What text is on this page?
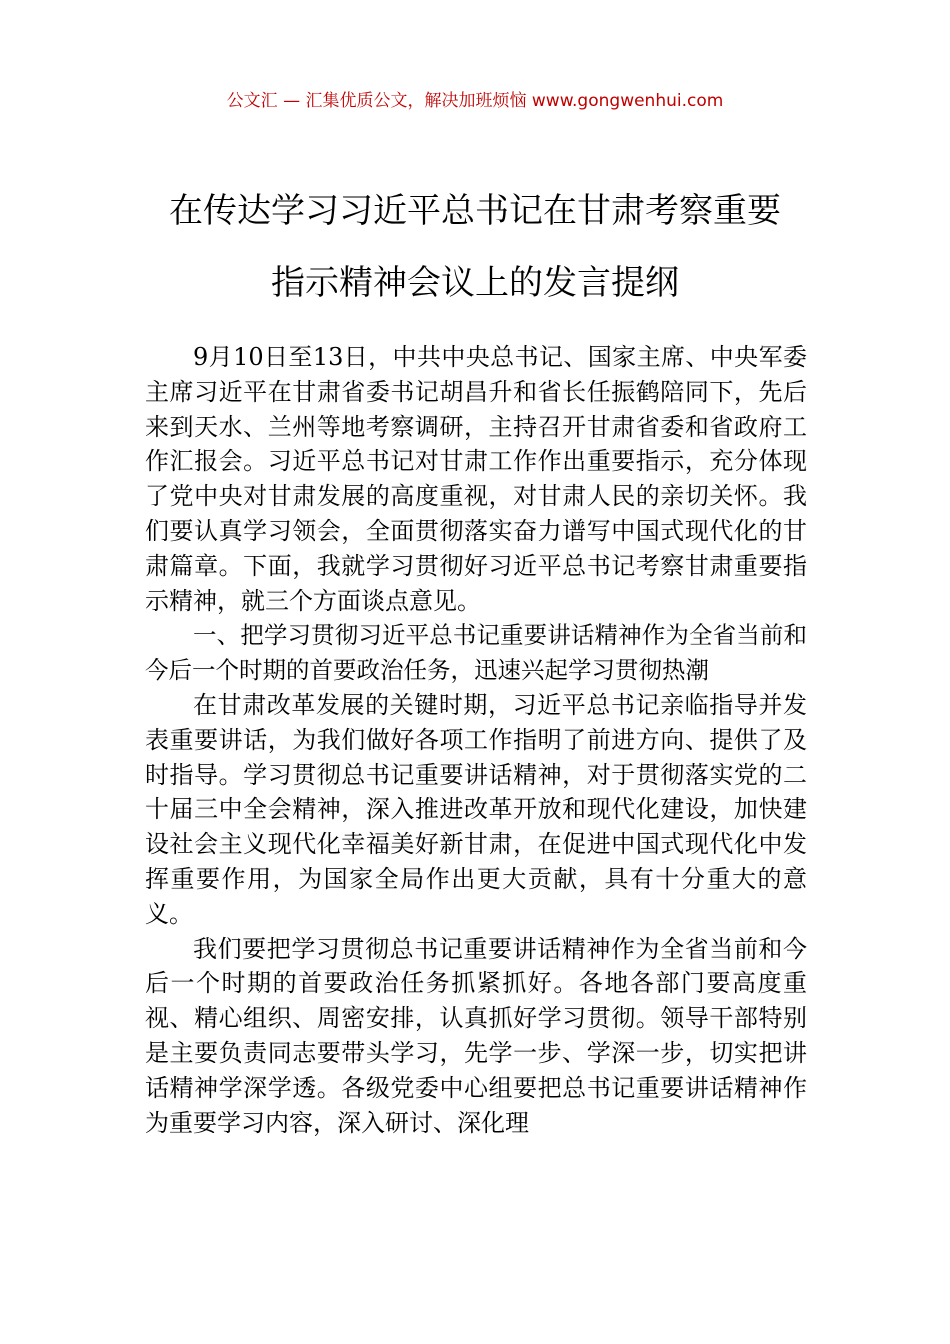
公文汇 — 汇集优质公文，解决加班烦恼 www.gongwenhui.com
在传达学习习近平总书记在甘肃考察重要
指示精神会议上的发言提纲

9月10日至13日，中共中央总书记、国家主席、中央军委主席习近平在甘肃省委书记胡昌升和省长任振鹤陪同下，先后来到天水、兰州等地考察调研，主持召开甘肃省委和省政府工作汇报会。习近平总书记对甘肃工作作出重要指示，充分体现了党中央对甘肃发展的高度重视，对甘肃人民的亲切关怀。我们要认真学习领会，全面贯彻落实奋力谱写中国式现代化的甘肃篇章。下面，我就学习贯彻好习近平总书记考察甘肃重要指示精神，就三个方面谈点意见。

一、把学习贯彻习近平总书记重要讲话精神作为全省当前和今后一个时期的首要政治任务，迅速兴起学习贯彻热潮

在甘肃改革发展的关键时期，习近平总书记亲临指导并发表重要讲话，为我们做好各项工作指明了前进方向、提供了及时指导。学习贯彻总书记重要讲话精神，对于贯彻落实党的二十届三中全会精神，深入推进改革开放和现代化建设，加快建设社会主义现代化幸福美好新甘肃，在促进中国式现代化中发挥重要作用，为国家全局作出更大贡献，具有十分重大的意义。

我们要把学习贯彻总书记重要讲话精神作为全省当前和今后一个时期的首要政治任务抓紧抓好。各地各部门要高度重视、精心组织、周密安排，认真抓好学习贯彻。领导干部特别是主要负责同志要带头学习，先学一步、学深一步，切实把讲话精神学深学透。各级党委中心组要把总书记重要讲话精神作为重要学习内容，深入研讨、深化理
